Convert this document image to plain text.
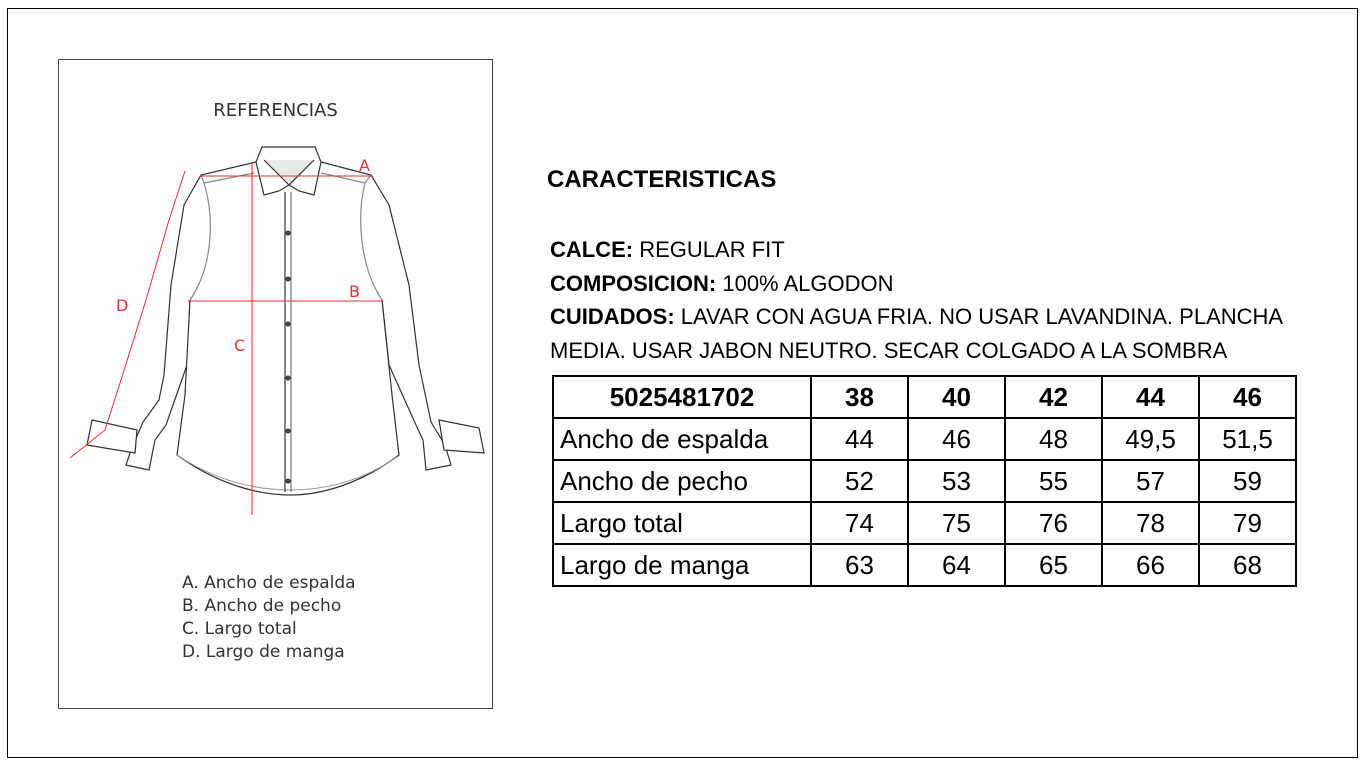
REFERENCIAS
A
B
C
D
A. Ancho de espalda
B. Ancho de pecho
C. Largo total
D. Largo de manga
CARACTERISTICAS
CALCE: REGULAR FIT
COMPOSICION: 100% ALGODON
CUIDADOS: LAVAR CON AGUA FRIA. NO USAR LAVANDINA. PLANCHA MEDIA. USAR JABON NEUTRO. SECAR COLGADO A LA SOMBRA
5025481702	38	40	42	44	46
Ancho de espalda	44	46	48	49,5	51,5
Ancho de pecho	52	53	55	57	59
Largo total	74	75	76	78	79
Largo de manga	63	64	65	66	68
